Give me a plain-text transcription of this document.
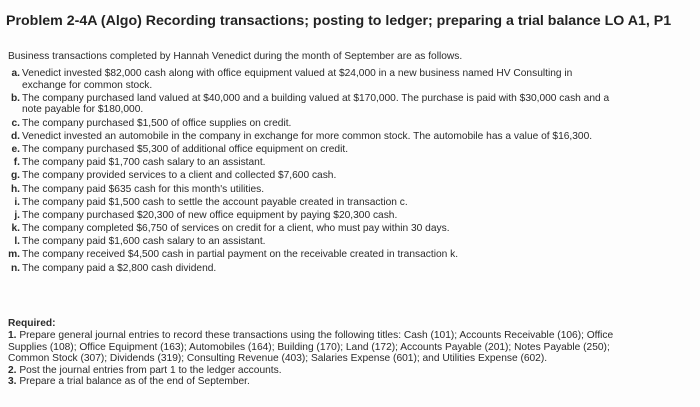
Problem 2-4A (Algo) Recording transactions; posting to ledger; preparing a trial balance LO A1, P1
Business transactions completed by Hannah Venedict during the month of September are as follows.
a. Venedict invested $82,000 cash along with office equipment valued at $24,000 in a new business named HV Consulting in
exchange for common stock.
b. The company purchased land valued at $40,000 and a building valued at $170,000. The purchase is paid with $30,000 cash and a
note payable for $180,000.
c. The company purchased $1,500 of office supplies on credit.
d. Venedict invested an automobile in the company in exchange for more common stock. The automobile has a value of $16,300.
e. The company purchased $5,300 of additional office equipment on credit.
f. The company paid $1,700 cash salary to an assistant.
g. The company provided services to a client and collected $7,600 cash.
h. The company paid $635 cash for this month's utilities.
i. The company paid $1,500 cash to settle the account payable created in transaction c.
j. The company purchased $20,300 of new office equipment by paying $20,300 cash.
k. The company completed $6,750 of services on credit for a client, who must pay within 30 days.
l. The company paid $1,600 cash salary to an assistant.
m. The company received $4,500 cash in partial payment on the receivable created in transaction k.
n. The company paid a $2,800 cash dividend.
Required:
1. Prepare general journal entries to record these transactions using the following titles: Cash (101); Accounts Receivable (106); Office
Supplies (108); Office Equipment (163); Automobiles (164); Building (170); Land (172); Accounts Payable (201); Notes Payable (250);
Common Stock (307); Dividends (319); Consulting Revenue (403); Salaries Expense (601); and Utilities Expense (602).
2. Post the journal entries from part 1 to the ledger accounts.
3. Prepare a trial balance as of the end of September.
